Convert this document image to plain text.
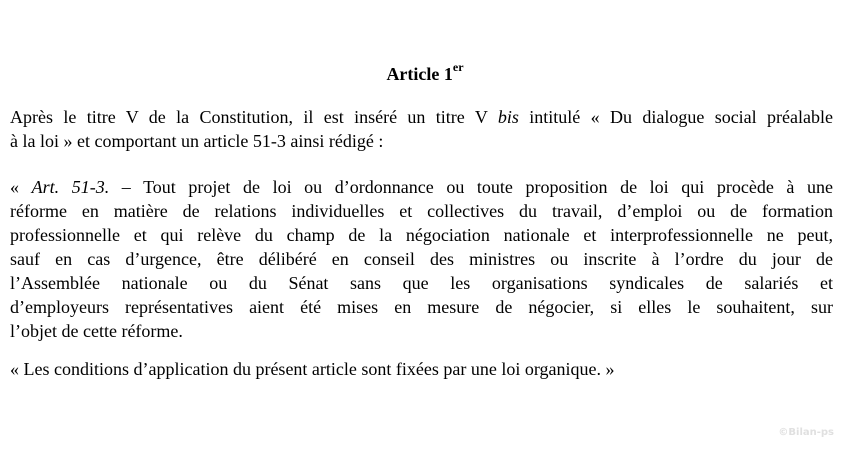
Article 1er
Après le titre V de la Constitution, il est inséré un titre V bis intitulé « Du dialogue social préalable
à la loi » et comportant un article 51-3 ainsi rédigé :
« Art. 51-3. – Tout projet de loi ou d’ordonnance ou toute proposition de loi qui procède à une
réforme en matière de relations individuelles et collectives du travail, d’emploi ou de formation
professionnelle et qui relève du champ de la négociation nationale et interprofessionnelle ne peut,
sauf en cas d’urgence, être délibéré en conseil des ministres ou inscrite à l’ordre du jour de
l’Assemblée nationale ou du Sénat sans que les organisations syndicales de salariés et
d’employeurs représentatives aient été mises en mesure de négocier, si elles le souhaitent, sur
l’objet de cette réforme.
« Les conditions d’application du présent article sont fixées par une loi organique. »
©Bilan-ps
